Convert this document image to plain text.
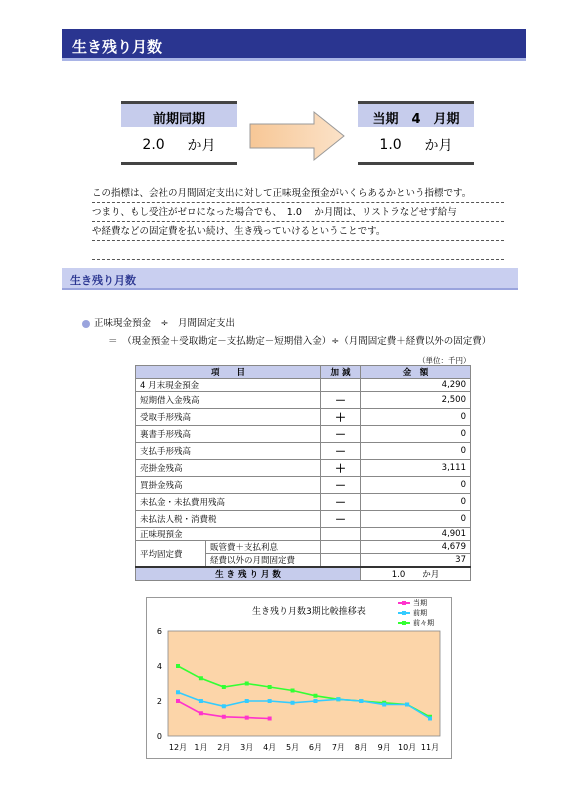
生き残り月数
前期同期
2.0 か月
当期　4　月期
1.0 か月
この指標は、会社の月間固定支出に対して正味現金預金がいくらあるかという指標です。
つまり、もし受注がゼロになった場合でも、　1.0　 か月間は、リストラなどせず給与
や経費などの固定費を払い続け、生き残っていけるということです。
生き残り月数
正味現金預金　÷　月間固定支出
＝　（現金預金＋受取勘定－支払勘定－短期借入金）÷（月間固定費＋経費以外の固定費）
（単位：千円）
項　　目		加 減	金　額
4 月末現金預金			4,290
短期借入金残高		－	2,500
受取手形残高		＋	0
裏書手形残高		－	0
支払手形残高		－	0
売掛金残高		＋	3,111
買掛金残高		－	0
未払金・未払費用残高		－	0
未払法人税・消費税		－	0
正味現預金			4,901
平均固定費	販管費＋支払利息		4,679
	経費以外の月間固定費		37
生 き 残 り 月 数			1.0　　 か月
0
2
4
6
12月 1月 2月 3月 4月 5月 6月 7月 8月 9月 10月 11月
生き残り月数3期比較推移表
当期
前期
前々期
